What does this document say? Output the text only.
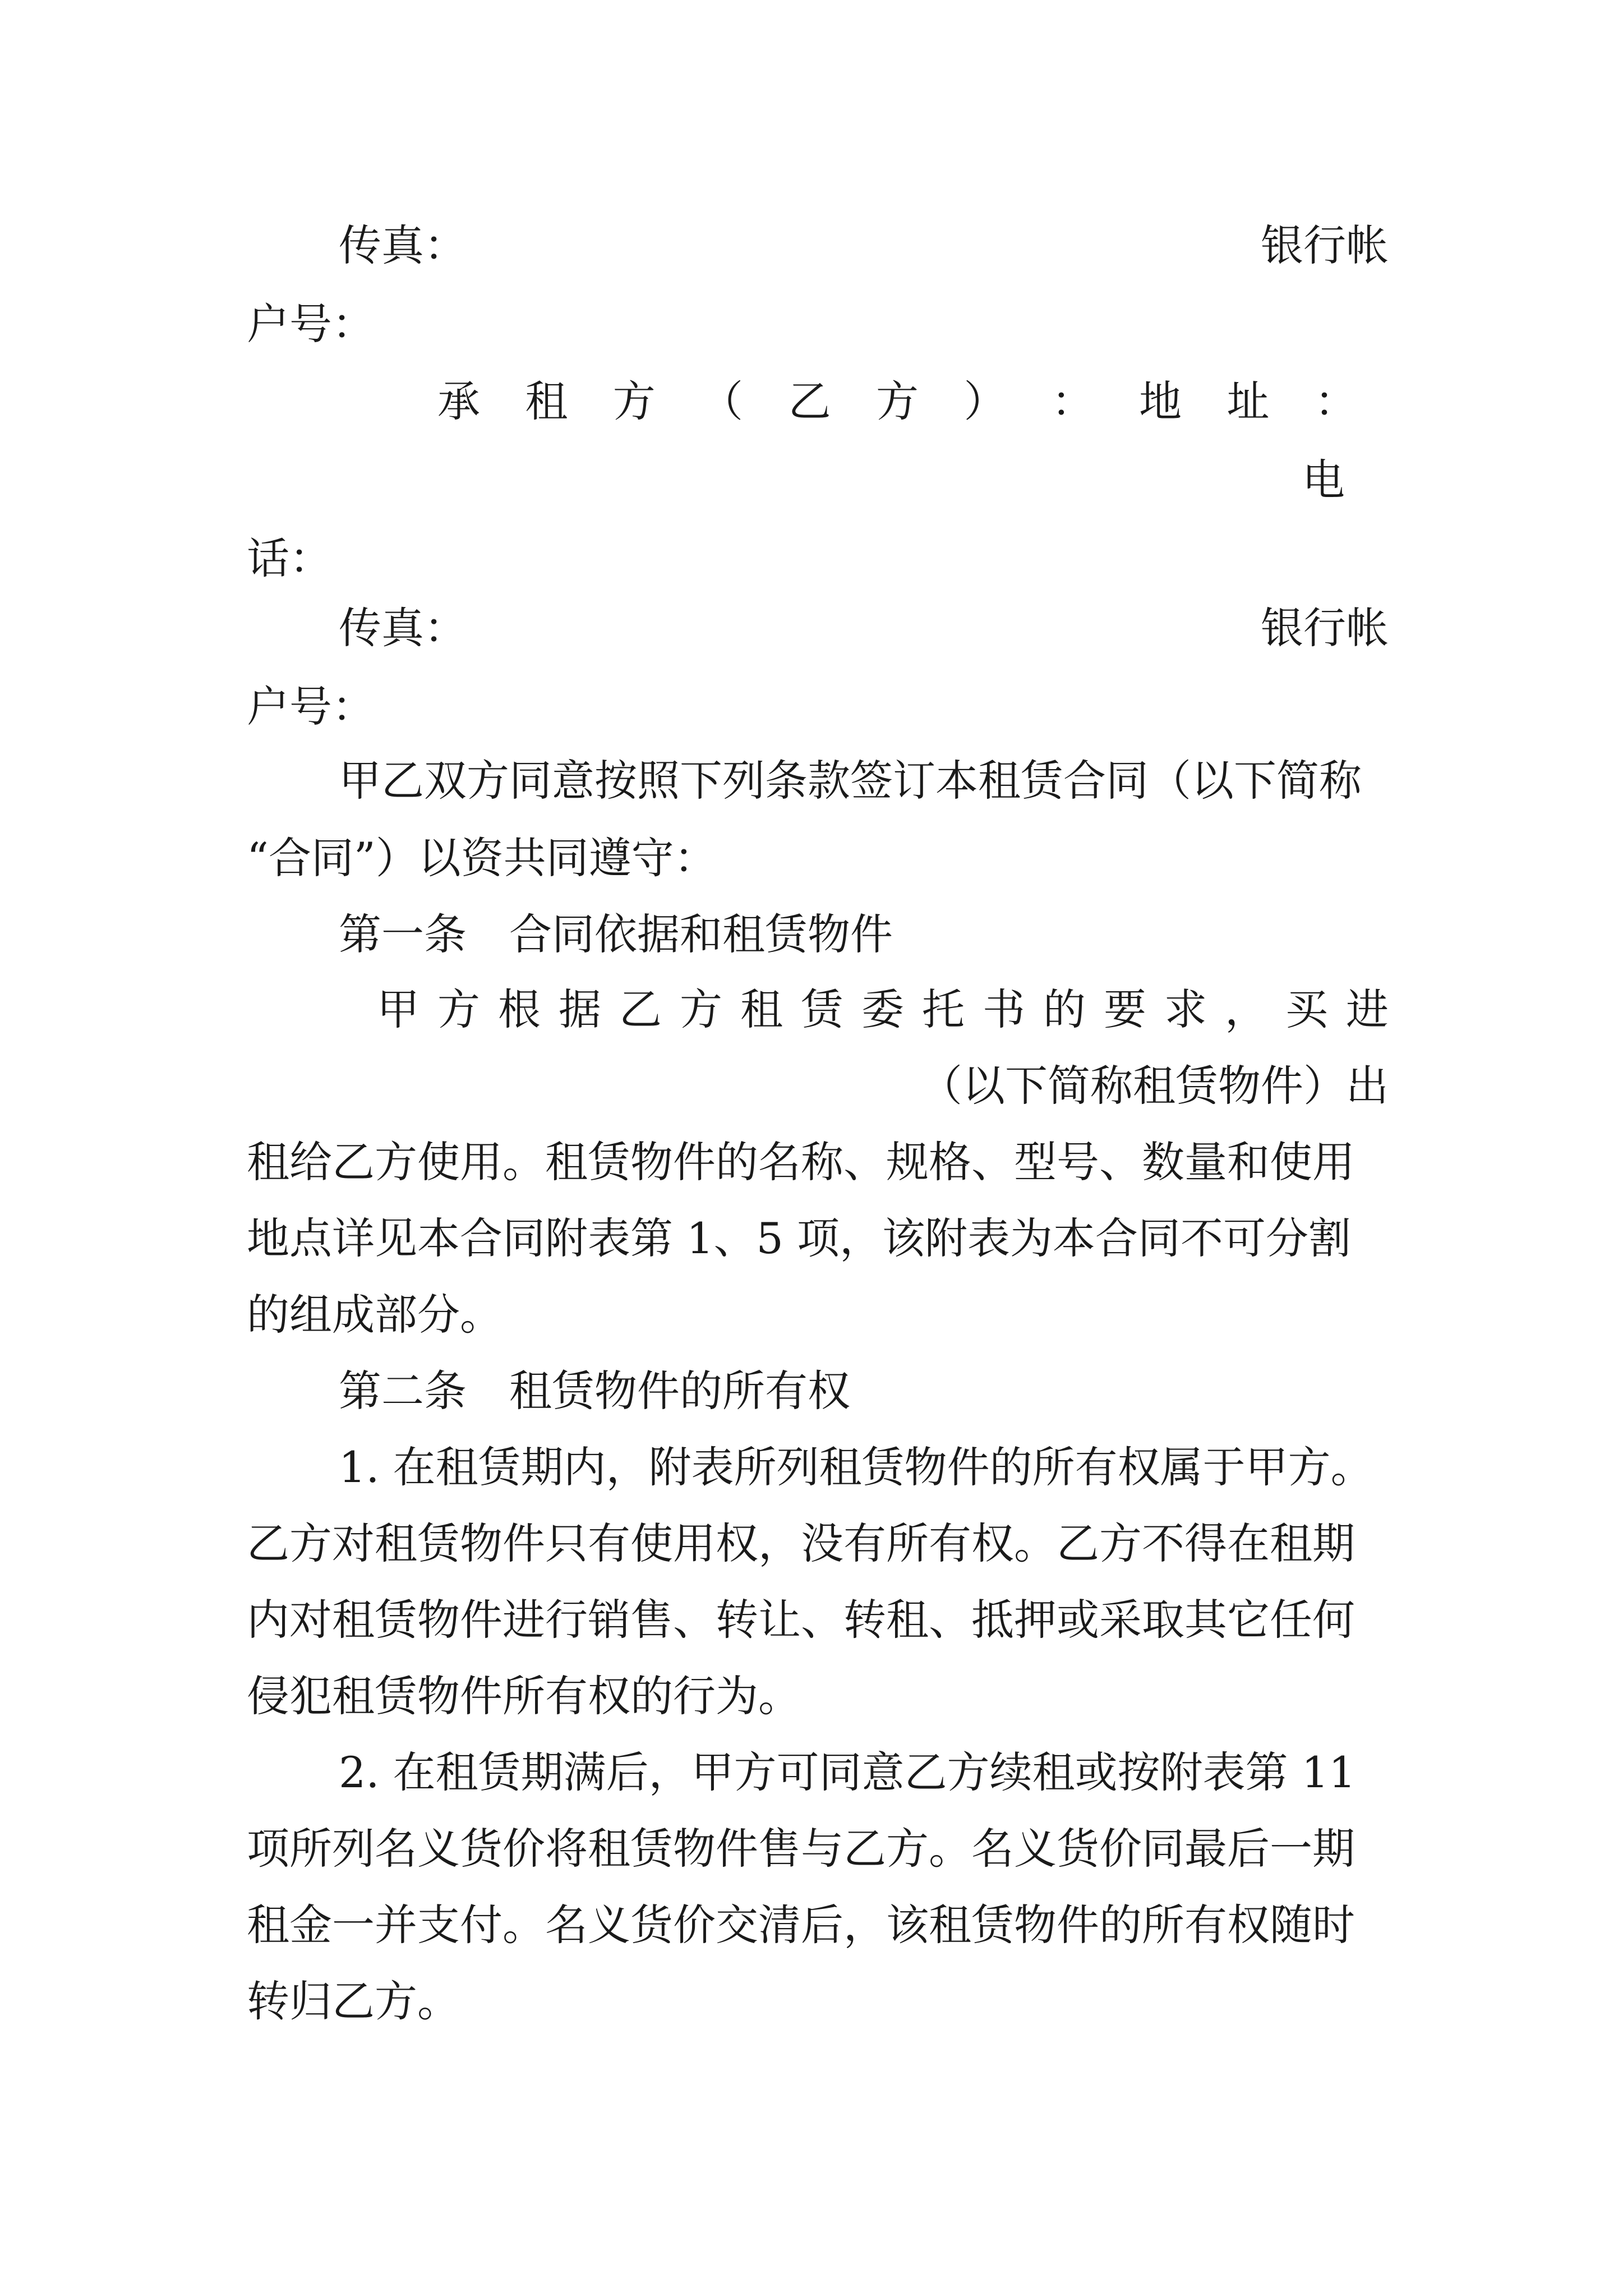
传真：	银行帐
户号：
承 租 方 （ 乙 方 ） ： 地 址 ：
电
话：
传真：	银行帐
户号：
甲乙双方同意按照下列条款签订本租赁合同（以下简称
“合同”）以资共同遵守：
第一条　合同依据和租赁物件
甲 方 根 据 乙 方 租 赁 委 托 书 的 要 求 ， 买 进
（以下简称租赁物件）出
租给乙方使用。租赁物件的名称、规格、型号、数量和使用
地点详见本合同附表第 1、5 项，该附表为本合同不可分割
的组成部分。
第二条　租赁物件的所有权
1. 在租赁期内，附表所列租赁物件的所有权属于甲方。
乙方对租赁物件只有使用权，没有所有权。乙方不得在租期
内对租赁物件进行销售、转让、转租、抵押或采取其它任何
侵犯租赁物件所有权的行为。
2. 在租赁期满后，甲方可同意乙方续租或按附表第 11
项所列名义货价将租赁物件售与乙方。名义货价同最后一期
租金一并支付。名义货价交清后，该租赁物件的所有权随时
转归乙方。
